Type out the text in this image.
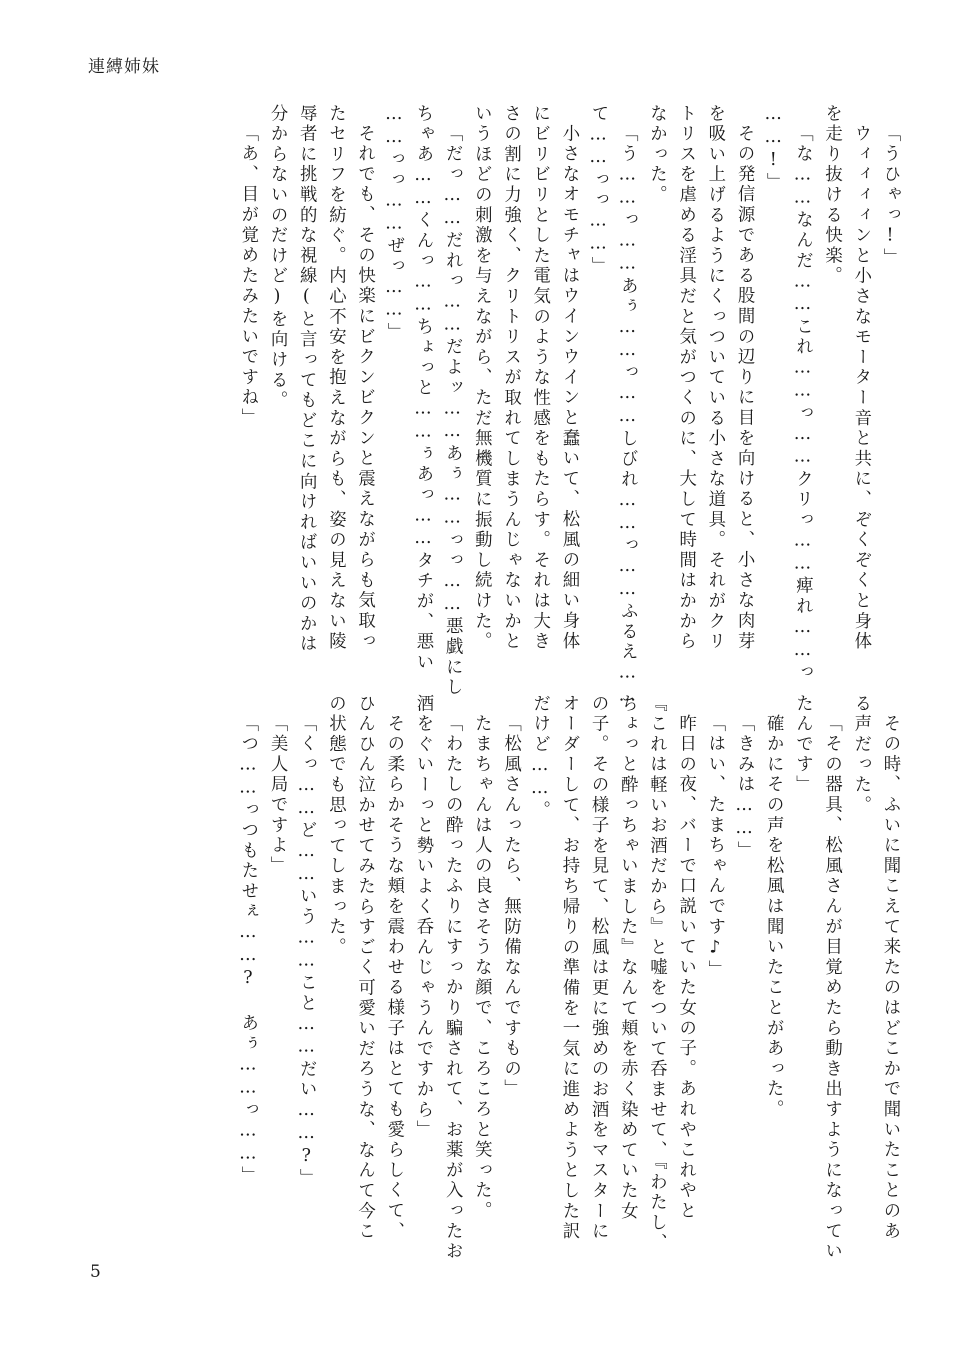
連縛姉妹
「うひゃっ!」
　ウィィィィンと小さなモーター音と共に、ぞくぞくと身体
を走り抜ける快楽。
「な……なんだ……これ……っ……クリっ……痺れ……っ
……!」
その発信源である股間の辺りに目を向けると、小さな肉芽
を吸い上げるようにくっついている小さな道具。それがクリ
トリスを虐める淫具だと気がつくのに、大して時間はかから
なかった。
「う……っ……あぅ……っ……しびれ……っ……ふるえ……
て……っっ……」
小さなオモチャはウインウインと蠢いて、松風の細い身体
にビリビリとした電気のような性感をもたらす。それは大き
さの割に力強く、クリトリスが取れてしまうんじゃないかと
いうほどの刺激を与えながら、ただ無機質に振動し続けた。
「だっ……だれっ……だよッ……あぅ……っっ……悪戯にし
ちゃあ……くんっ……ちょっと……ぅあっ……タチが、悪い
……っっ……ぜっ……」
それでも、その快楽にビクンビクンと震えながらも気取っ
たセリフを紡ぐ。内心不安を抱えながらも、姿の見えない陵
辱者に挑戦的な視線(と言ってもどこに向ければいいのかは
分からないのだけど)を向ける。
「あ、目が覚めたみたいですね」
その時、ふいに聞こえて来たのはどこかで聞いたことのあ
る声だった。
「その器具、松風さんが目覚めたら動き出すようになってい
たんです」
確かにその声を松風は聞いたことがあった。
「きみは……」
「はい、たまちゃんです♪」
昨日の夜、バーで口説いていた女の子。あれやこれやと
『これは軽いお酒だから』と嘘をついて呑ませて、『わたし、
ちょっと酔っちゃいました』なんて頬を赤く染めていた女
の子。その様子を見て、松風は更に強めのお酒をマスターに
オーダーして、お持ち帰りの準備を一気に進めようとした訳
だけど……。
「松風さんったら、無防備なんですもの」
たまちゃんは人の良さそうな顔で、ころころと笑った。
「わたしの酔ったふりにすっかり騙されて、お薬が入ったお
酒をぐいーっと勢いよく呑んじゃうんですから」
その柔らかそうな頬を震わせる様子はとても愛らしくて、
ひんひん泣かせてみたらすごく可愛いだろうな、なんて今こ
の状態でも思ってしまった。
「くっ……ど……いう……こと……だい……?」
「美人局ですよ」
「つ……っつもたせぇ……? あぅ……っ……」
5
